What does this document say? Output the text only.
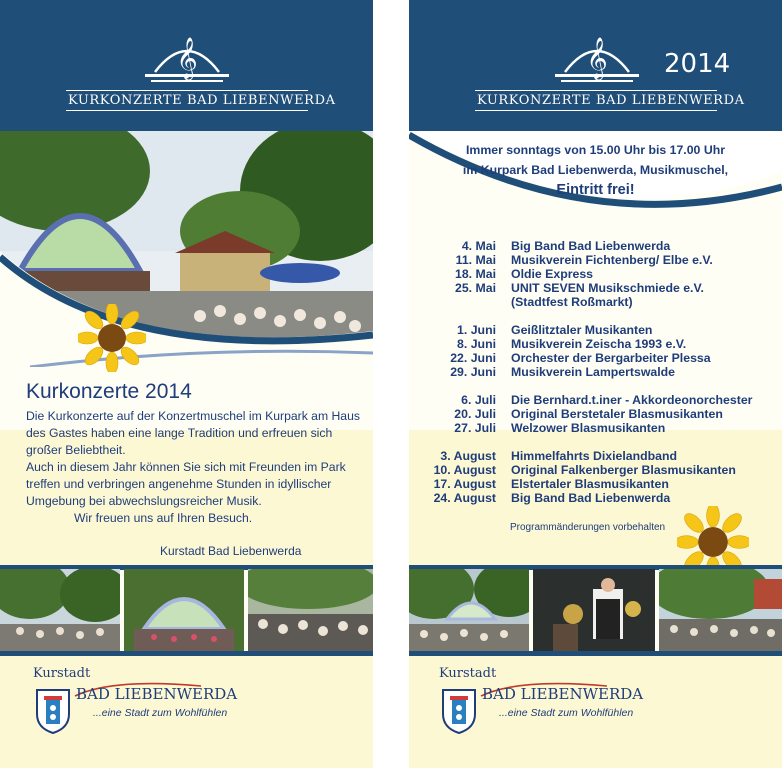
𝄞
KURKONZERTE BAD LIEBENWERDA
Kurkonzerte 2014

Die Kurkonzerte auf der Konzertmuschel im Kurpark am Haus des Gastes haben eine lange Tradition und erfreuen sich großer Beliebtheit.

Auch in diesem Jahr können Sie sich mit Freunden im Park treffen und verbringen angenehme Stunden in idyllischer Umgebung bei abwechslungsreicher Musik.

Wir freuen uns auf Ihren Besuch.

Kurstadt Bad Liebenwerda
Kurstadt
BAD LIEBENWERDA
...eine Stadt zum Wohlfühlen
𝄞 2014
KURKONZERTE BAD LIEBENWERDA
Immer sonntags von 15.00 Uhr bis 17.00 Uhr
im Kurpark Bad Liebenwerda, Musikmuschel,
Eintritt frei!
4. Mai Big Band Bad Liebenwerda
11. Mai Musikverein Fichtenberg/ Elbe e.V.
18. Mai Oldie Express
25. Mai UNIT SEVEN Musikschmiede e.V.
(Stadtfest Roßmarkt)
1. Juni Geißlitztaler Musikanten
8. Juni Musikverein Zeischa 1993 e.V.
22. Juni Orchester der Bergarbeiter Plessa
29. Juni Musikverein Lampertswalde
6. Juli Die Bernhard.t.iner - Akkordeonorchester
20. Juli Original Berstetaler Blasmusikanten
27. Juli Welzower Blasmusikanten
3. August Himmelfahrts Dixielandband
10. August Original Falkenberger Blasmusikanten
17. August Elstertaler Blasmusikanten
24. August Big Band Bad Liebenwerda
Programmänderungen vorbehalten
Kurstadt
BAD LIEBENWERDA
...eine Stadt zum Wohlfühlen
